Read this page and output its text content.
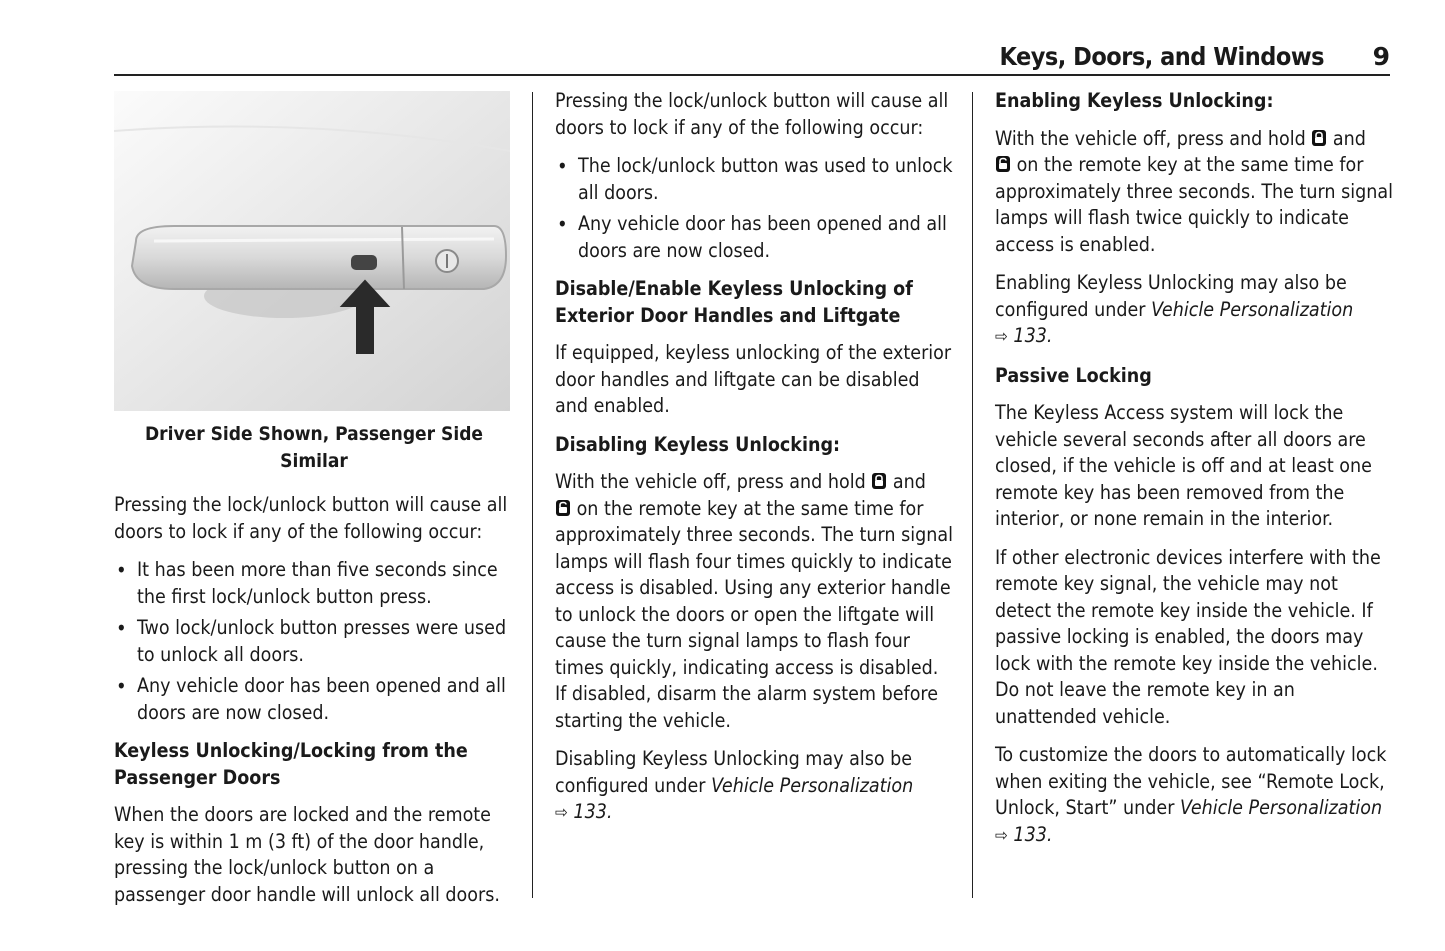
Keys, Doors, and Windows 9
Driver Side Shown, Passenger Side Similar

Pressing the lock/unlock button will cause all doors to lock if any of the following occur:

• It has been more than five seconds since the first lock/unlock button press.
• Two lock/unlock button presses were used to unlock all doors.
• Any vehicle door has been opened and all doors are now closed.
Keyless Unlocking/Locking from the Passenger Doors

When the doors are locked and the remote key is within 1 m (3 ft) of the door handle, pressing the lock/unlock button on a passenger door handle will unlock all doors.

Pressing the lock/unlock button will cause all doors to lock if any of the following occur:

• The lock/unlock button was used to unlock all doors.
• Any vehicle door has been opened and all doors are now closed.
Disable/Enable Keyless Unlocking of Exterior Door Handles and Liftgate

If equipped, keyless unlocking of the exterior door handles and liftgate can be disabled and enabled.

Disabling Keyless Unlocking:

With the vehicle off, press and hold and
on the remote key at the same time for approximately three seconds. The turn signal lamps will flash four times quickly to indicate access is disabled. Using any exterior handle to unlock the doors or open the liftgate will cause the turn signal lamps to flash four times quickly, indicating access is disabled. If disabled, disarm the alarm system before starting the vehicle.

Disabling Keyless Unlocking may also be configured under Vehicle Personalization
⇨ 133.

Enabling Keyless Unlocking:

With the vehicle off, press and hold and
on the remote key at the same time for approximately three seconds. The turn signal lamps will flash twice quickly to indicate access is enabled.

Enabling Keyless Unlocking may also be configured under Vehicle Personalization
⇨ 133.

Passive Locking

The Keyless Access system will lock the vehicle several seconds after all doors are closed, if the vehicle is off and at least one remote key has been removed from the interior, or none remain in the interior.

If other electronic devices interfere with the remote key signal, the vehicle may not detect the remote key inside the vehicle. If passive locking is enabled, the doors may lock with the remote key inside the vehicle. Do not leave the remote key in an unattended vehicle.

To customize the doors to automatically lock when exiting the vehicle, see “Remote Lock, Unlock, Start” under Vehicle Personalization
⇨ 133.
